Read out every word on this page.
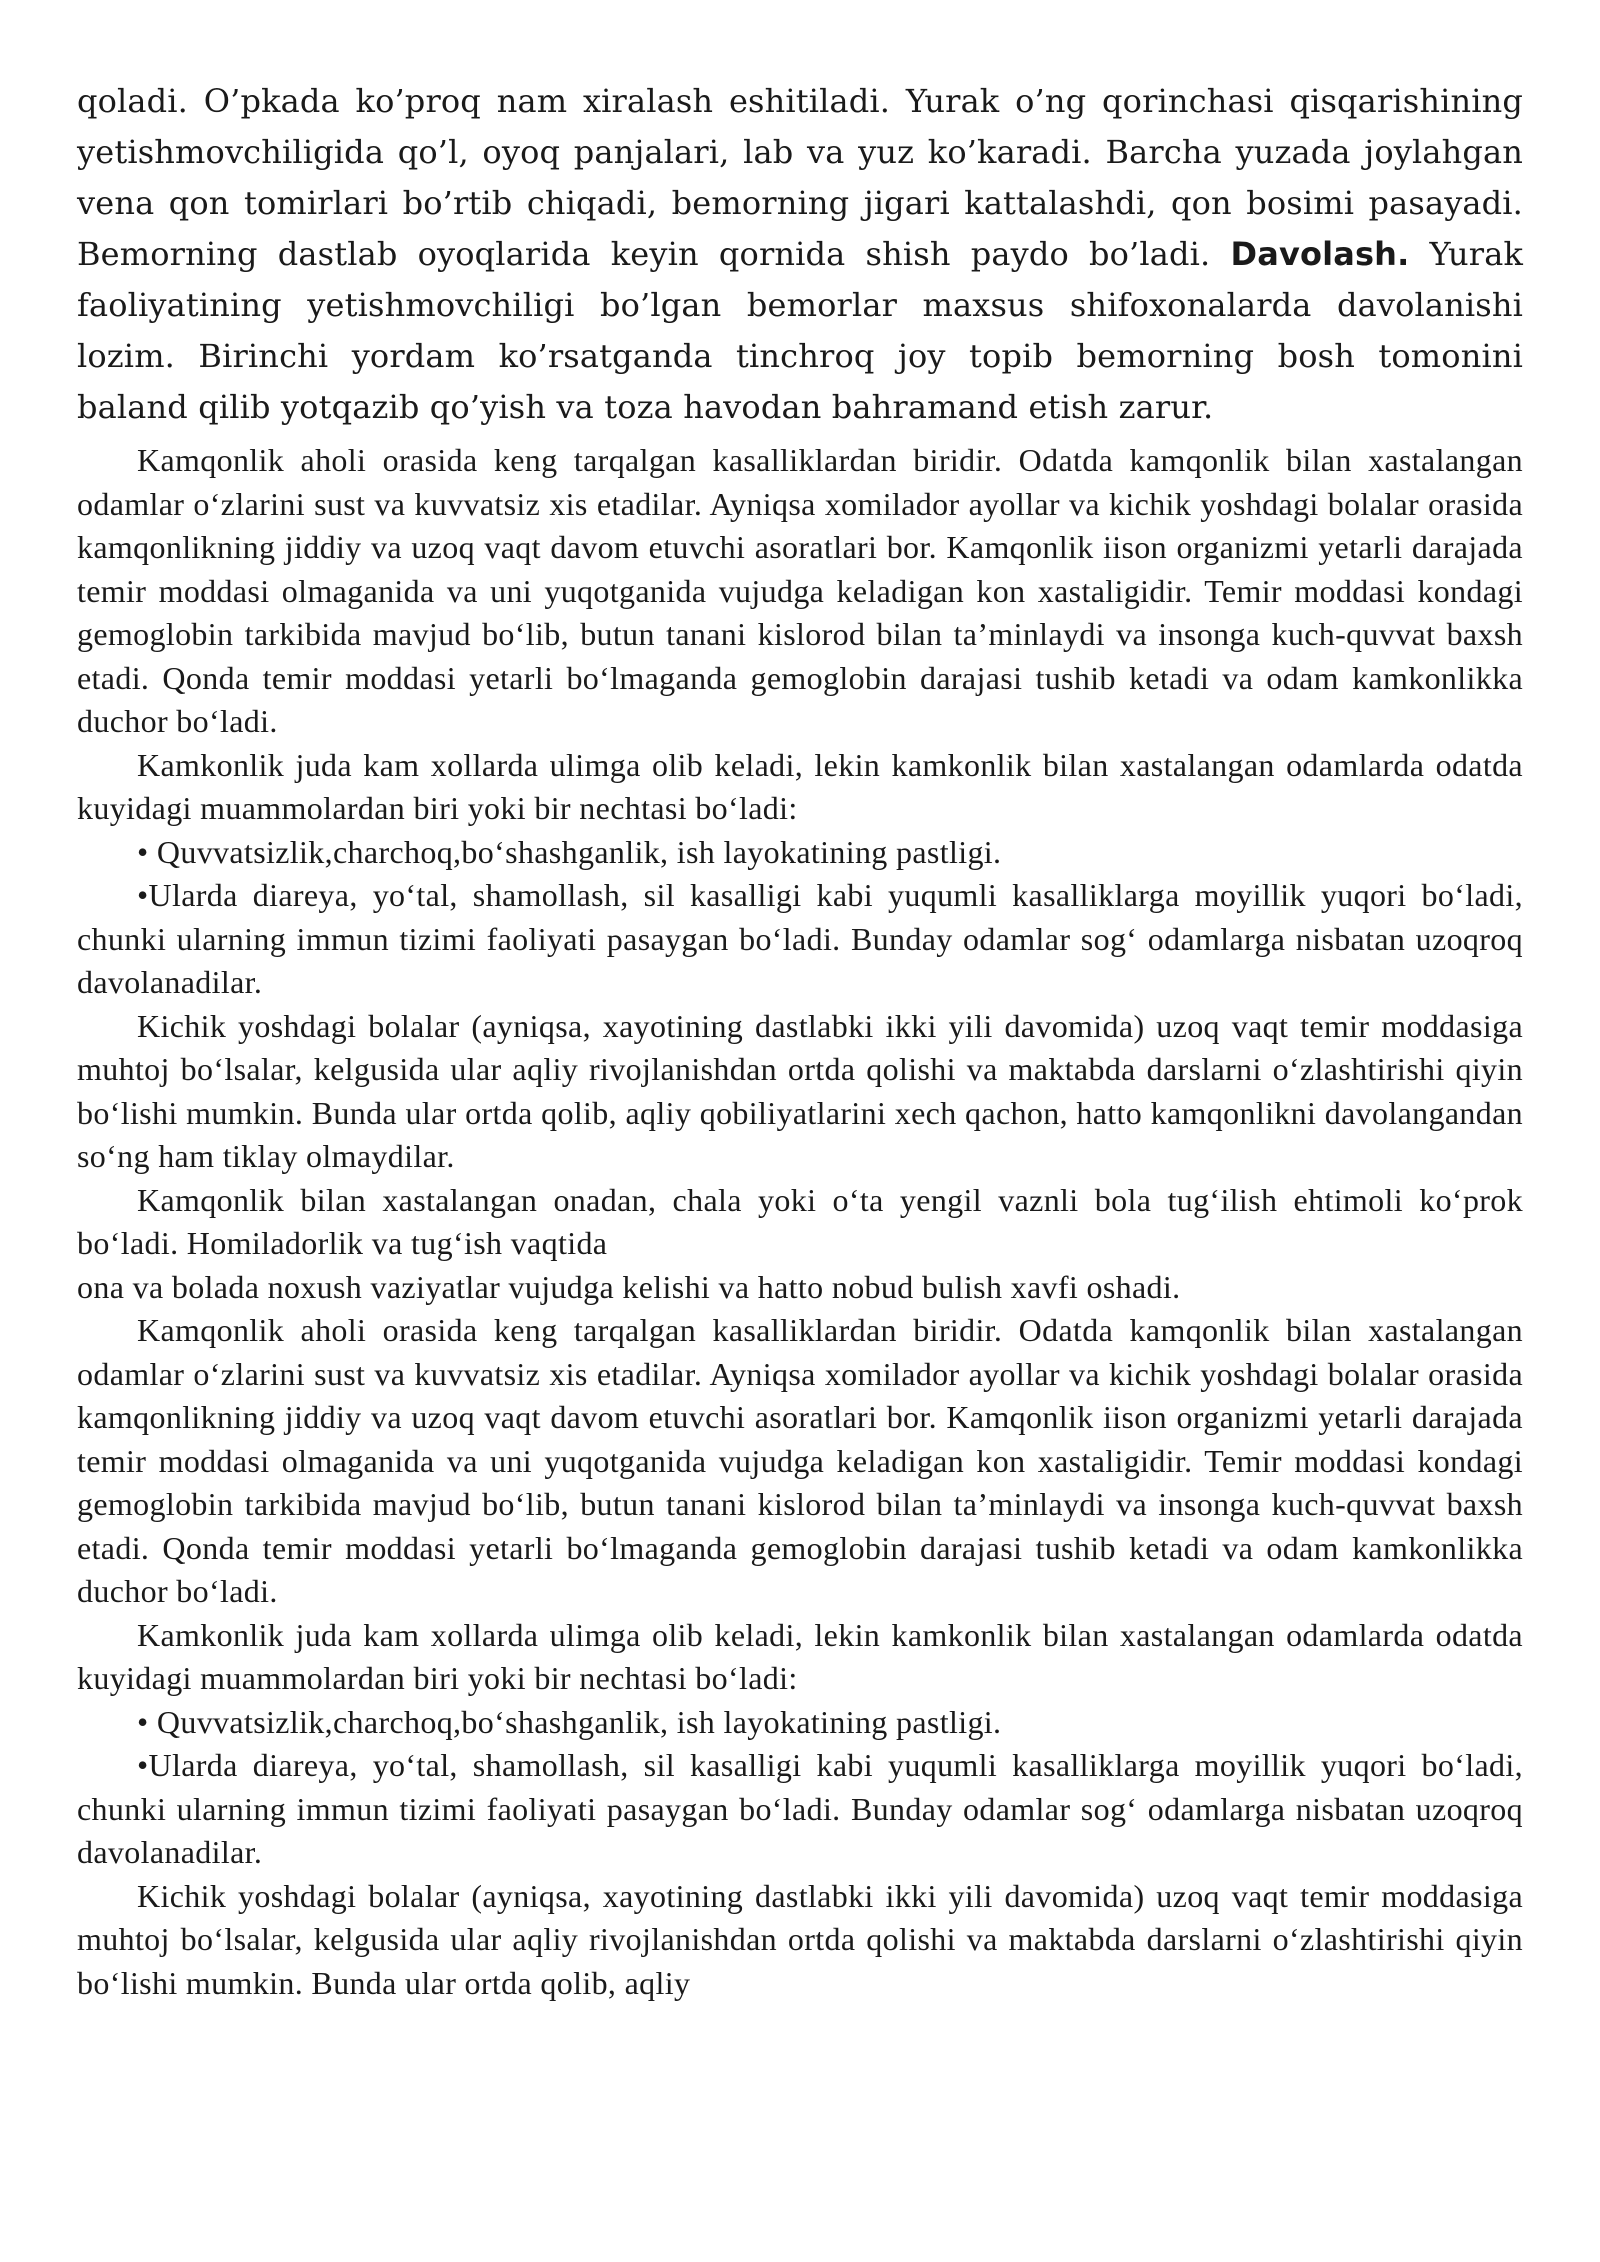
qoladi. O’pkada ko’proq nam xiralash eshitiladi. Yurak o’ng qorinchasi qisqarishining yetishmovchiligida qo’l, oyoq panjalari, lab va yuz ko’karadi. Barcha yuzada joylahgan vena qon tomirlari bo’rtib chiqadi, bemorning jigari kattalashdi, qon bosimi pasayadi. Bemorning dastlab oyoqlarida keyin qornida shish paydo bo’ladi. Davolash. Yurak faoliyatining yetishmovchiligi bo’lgan bemorlar maxsus shifoxonalarda davolanishi lozim. Birinchi yordam ko’rsatganda tinchroq joy topib bemorning bosh tomonini baland qilib yotqazib qo’yish va toza havodan bahramand etish zarur.

Kamqonlik aholi orasida keng tarqalgan kasalliklardan biridir. Odatda kamqonlik bilan xastalangan odamlar o‘zlarini sust va kuvvatsiz xis etadilar. Ayniqsa xomilador ayollar va kichik yoshdagi bolalar orasida kamqonlikning jiddiy va uzoq vaqt davom etuvchi asoratlari bor. Kamqonlik iison organizmi yetarli darajada temir moddasi olmaganida va uni yuqotganida vujudga keladigan kon xastaligidir. Temir moddasi kondagi gemoglobin tarkibida mavjud bo‘lib, butun tanani kislorod bilan ta’minlaydi va insonga kuch-quvvat baxsh etadi. Qonda temir moddasi yetarli bo‘lmaganda gemoglobin darajasi tushib ketadi va odam kamkonlikka duchor bo‘ladi.

Kamkonlik juda kam xollarda ulimga olib keladi, lekin kamkonlik bilan xastalangan odamlarda odatda kuyidagi muammolardan biri yoki bir nechtasi bo‘ladi:

• Quvvatsizlik,charchoq,bo‘shashganlik, ish layokatining pastligi.

•Ularda diareya, yo‘tal, shamollash, sil kasalligi kabi yuqumli kasalliklarga moyillik yuqori bo‘ladi, chunki ularning immun tizimi faoliyati pasaygan bo‘ladi. Bunday odamlar sog‘ odamlarga nisbatan uzoqroq davolanadilar.

Kichik yoshdagi bolalar (ayniqsa, xayotining dastlabki ikki yili davomida) uzoq vaqt temir moddasiga muhtoj bo‘lsalar, kelgusida ular aqliy rivojlanishdan ortda qolishi va maktabda darslarni o‘zlashtirishi qiyin bo‘lishi mumkin. Bunda ular ortda qolib, aqliy qobiliyatlarini xech qachon, hatto kamqonlikni davolangandan so‘ng ham tiklay olmaydilar.

Kamqonlik bilan xastalangan onadan, chala yoki o‘ta yengil vaznli bola tug‘ilish ehtimoli ko‘prok bo‘ladi. Homiladorlik va tug‘ish vaqtida

ona va bolada noxush vaziyatlar vujudga kelishi va hatto nobud bulish xavfi oshadi.

Kamqonlik aholi orasida keng tarqalgan kasalliklardan biridir. Odatda kamqonlik bilan xastalangan odamlar o‘zlarini sust va kuvvatsiz xis etadilar. Ayniqsa xomilador ayollar va kichik yoshdagi bolalar orasida kamqonlikning jiddiy va uzoq vaqt davom etuvchi asoratlari bor. Kamqonlik iison organizmi yetarli darajada temir moddasi olmaganida va uni yuqotganida vujudga keladigan kon xastaligidir. Temir moddasi kondagi gemoglobin tarkibida mavjud bo‘lib, butun tanani kislorod bilan ta’minlaydi va insonga kuch-quvvat baxsh etadi. Qonda temir moddasi yetarli bo‘lmaganda gemoglobin darajasi tushib ketadi va odam kamkonlikka duchor bo‘ladi.

Kamkonlik juda kam xollarda ulimga olib keladi, lekin kamkonlik bilan xastalangan odamlarda odatda kuyidagi muammolardan biri yoki bir nechtasi bo‘ladi:

• Quvvatsizlik,charchoq,bo‘shashganlik, ish layokatining pastligi.

•Ularda diareya, yo‘tal, shamollash, sil kasalligi kabi yuqumli kasalliklarga moyillik yuqori bo‘ladi, chunki ularning immun tizimi faoliyati pasaygan bo‘ladi. Bunday odamlar sog‘ odamlarga nisbatan uzoqroq davolanadilar.

Kichik yoshdagi bolalar (ayniqsa, xayotining dastlabki ikki yili davomida) uzoq vaqt temir moddasiga muhtoj bo‘lsalar, kelgusida ular aqliy rivojlanishdan ortda qolishi va maktabda darslarni o‘zlashtirishi qiyin bo‘lishi mumkin. Bunda ular ortda qolib, aqliy
